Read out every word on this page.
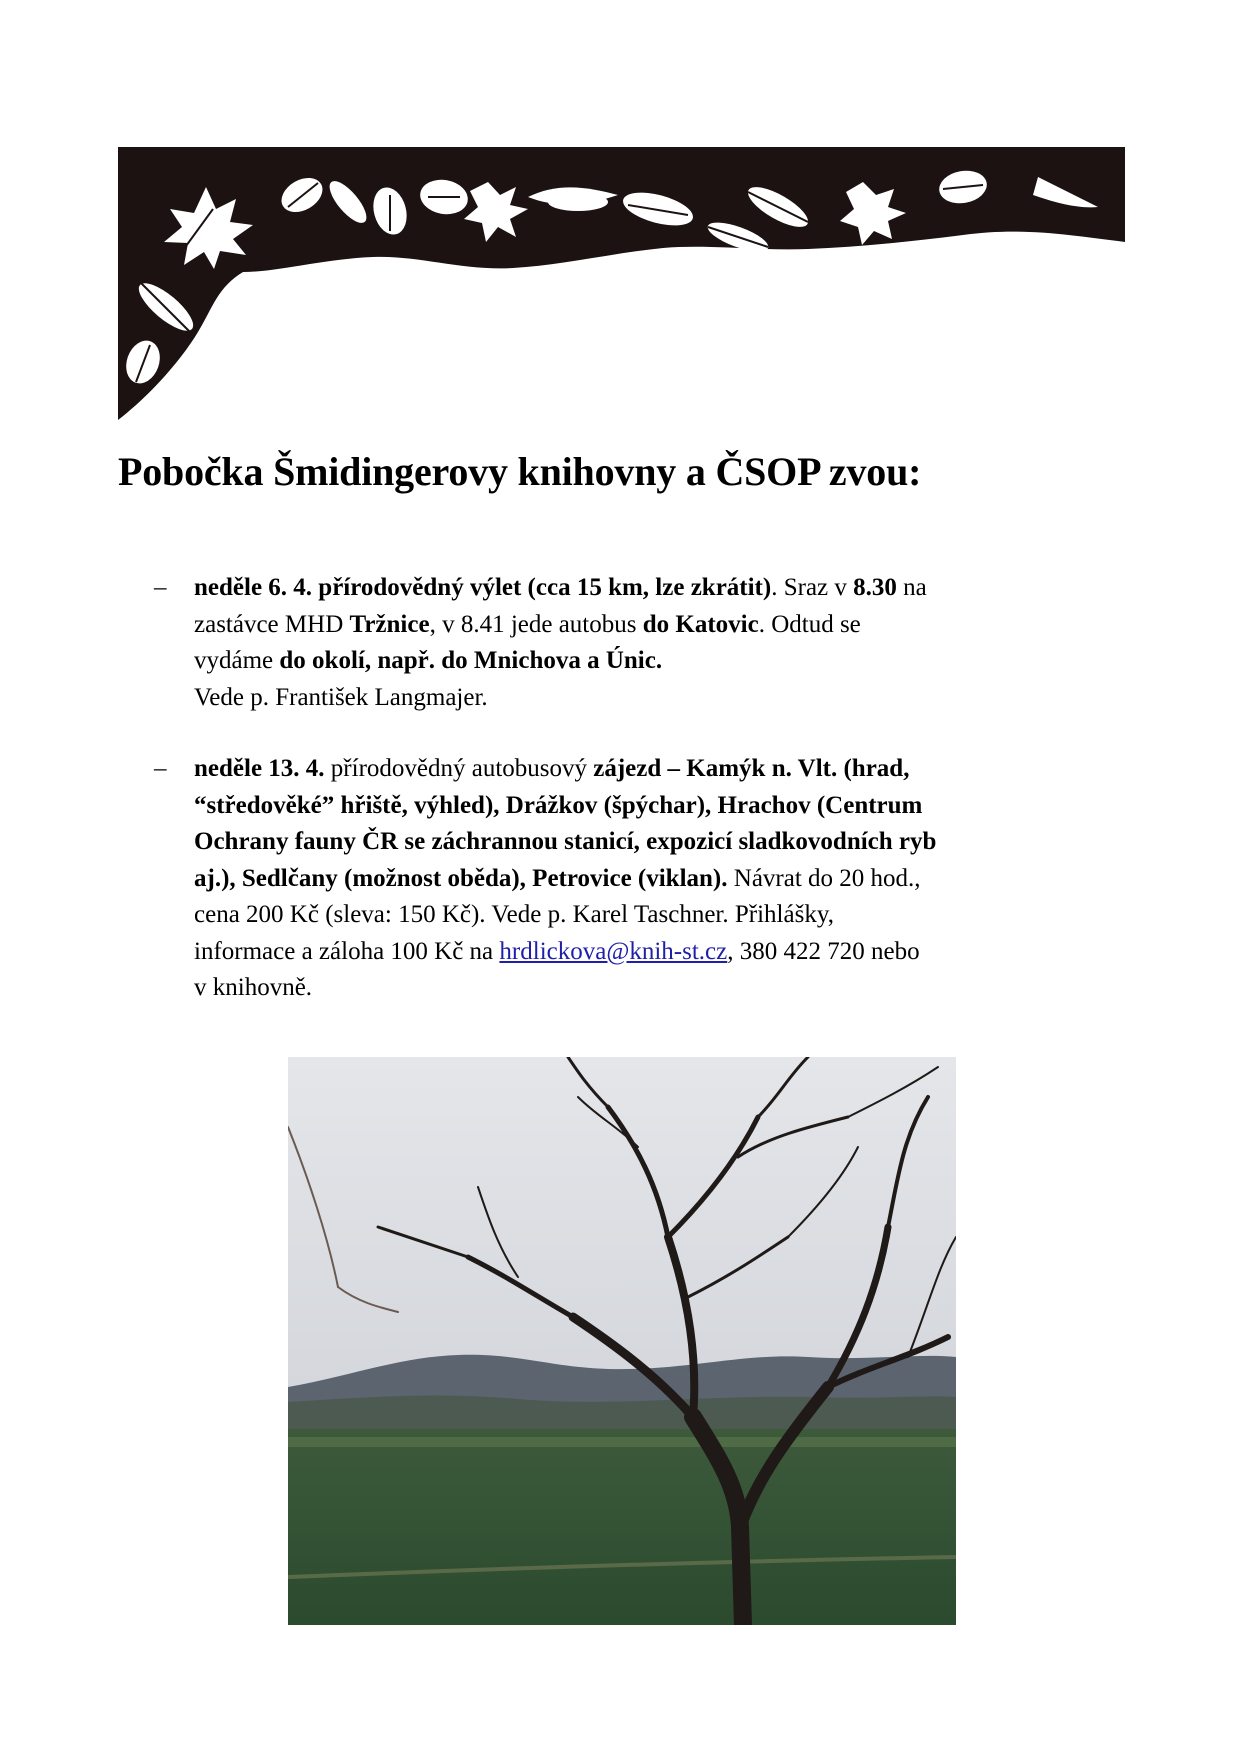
Pobočka Šmidingerovy knihovny a ČSOP zvou:
– neděle 6. 4. přírodovědný výlet (cca 15 km, lze zkrátit). Sraz v 8.30 na

zastávce MHD Tržnice, v 8.41 jede autobus do Katovic. Odtud se

vydáme do okolí, např. do Mnichova a Únic.

Vede p. František Langmajer.

– neděle 13. 4. přírodovědný autobusový zájezd – Kamýk n. Vlt. (hrad,

“středověké” hřiště, výhled), Drážkov (špýchar), Hrachov (Centrum

Ochrany fauny ČR se záchrannou stanicí, expozicí sladkovodních ryb

aj.), Sedlčany (možnost oběda), Petrovice (viklan). Návrat do 20 hod.,

cena 200 Kč (sleva: 150 Kč). Vede p. Karel Taschner. Přihlášky,

informace a záloha 100 Kč na hrdlickova@knih-st.cz, 380 422 720 nebo

v knihovně.
